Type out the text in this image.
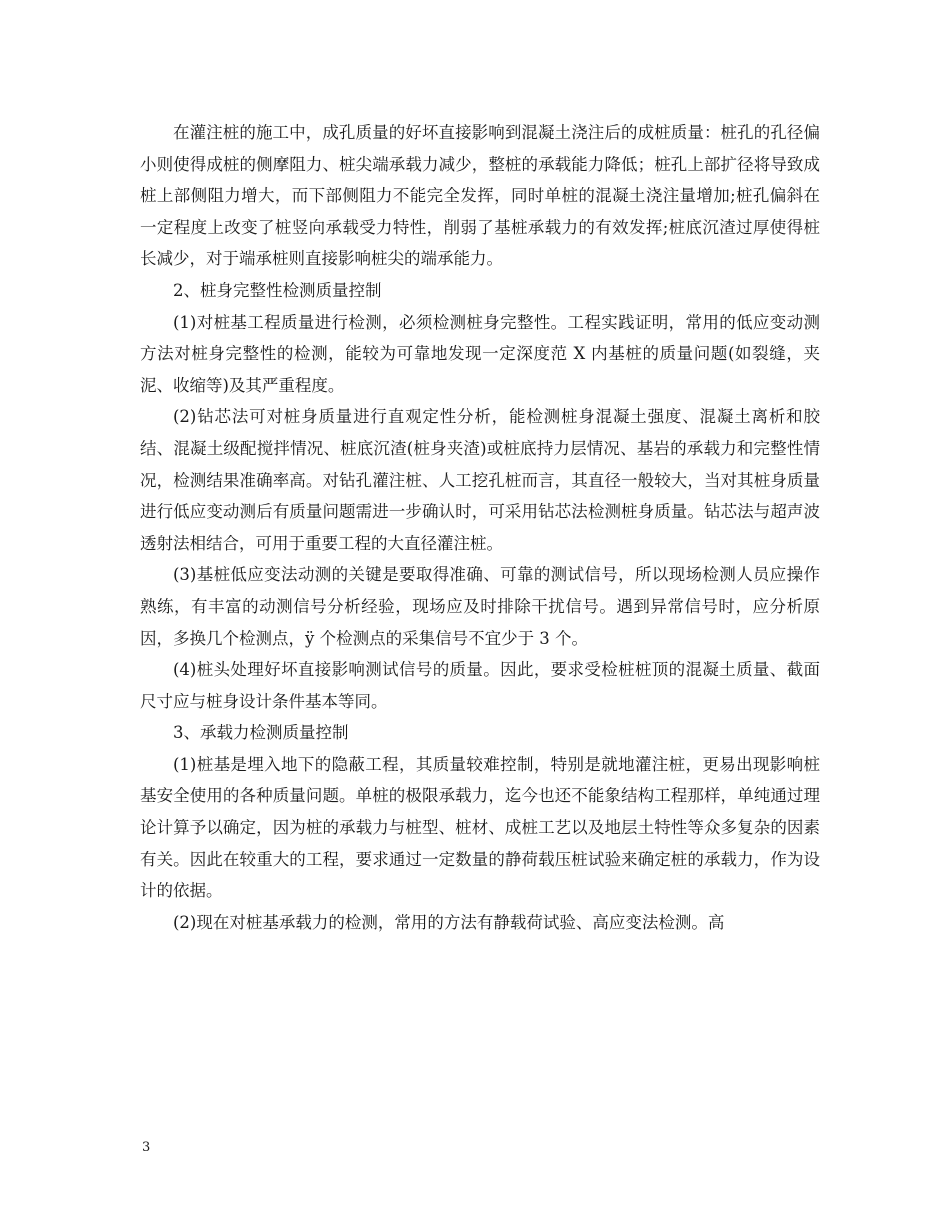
在灌注桩的施工中，成孔质量的好坏直接影响到混凝土浇注后的成桩质量：桩孔的孔径偏小则使得成桩的侧摩阻力、桩尖端承载力减少，整桩的承载能力降低；桩孔上部扩径将导致成桩上部侧阻力增大，而下部侧阻力不能完全发挥，同时单桩的混凝土浇注量增加;桩孔偏斜在一定程度上改变了桩竖向承载受力特性，削弱了基桩承载力的有效发挥;桩底沉渣过厚使得桩长减少，对于端承桩则直接影响桩尖的端承能力。

2、桩身完整性检测质量控制

(1)对桩基工程质量进行检测，必须检测桩身完整性。工程实践证明，常用的低应变动测方法对桩身完整性的检测，能较为可靠地发现一定深度范 X 内基桩的质量问题(如裂缝，夹泥、收缩等)及其严重程度。

(2)钻芯法可对桩身质量进行直观定性分析，能检测桩身混凝土强度、混凝土离析和胶结、混凝土级配搅拌情况、桩底沉渣(桩身夹渣)或桩底持力层情况、基岩的承载力和完整性情况，检测结果准确率高。对钻孔灌注桩、人工挖孔桩而言，其直径一般较大，当对其桩身质量进行低应变动测后有质量问题需进一步确认时，可采用钻芯法检测桩身质量。钻芯法与超声波透射法相结合，可用于重要工程的大直径灌注桩。

(3)基桩低应变法动测的关键是要取得准确、可靠的测试信号，所以现场检测人员应操作熟练，有丰富的动测信号分析经验，现场应及时排除干扰信号。遇到异常信号时，应分析原因，多换几个检测点，ÿ 个检测点的采集信号不宜少于 3 个。

(4)桩头处理好坏直接影响测试信号的质量。因此，要求受检桩桩顶的混凝土质量、截面尺寸应与桩身设计条件基本等同。

3、承载力检测质量控制

(1)桩基是埋入地下的隐蔽工程，其质量较难控制，特别是就地灌注桩，更易出现影响桩基安全使用的各种质量问题。单桩的极限承载力，迄今也还不能象结构工程那样，单纯通过理论计算予以确定，因为桩的承载力与桩型、桩材、成桩工艺以及地层土特性等众多复杂的因素有关。因此在较重大的工程，要求通过一定数量的静荷载压桩试验来确定桩的承载力，作为设计的依据。

(2)现在对桩基承载力的检测，常用的方法有静载荷试验、高应变法检测。高

3
